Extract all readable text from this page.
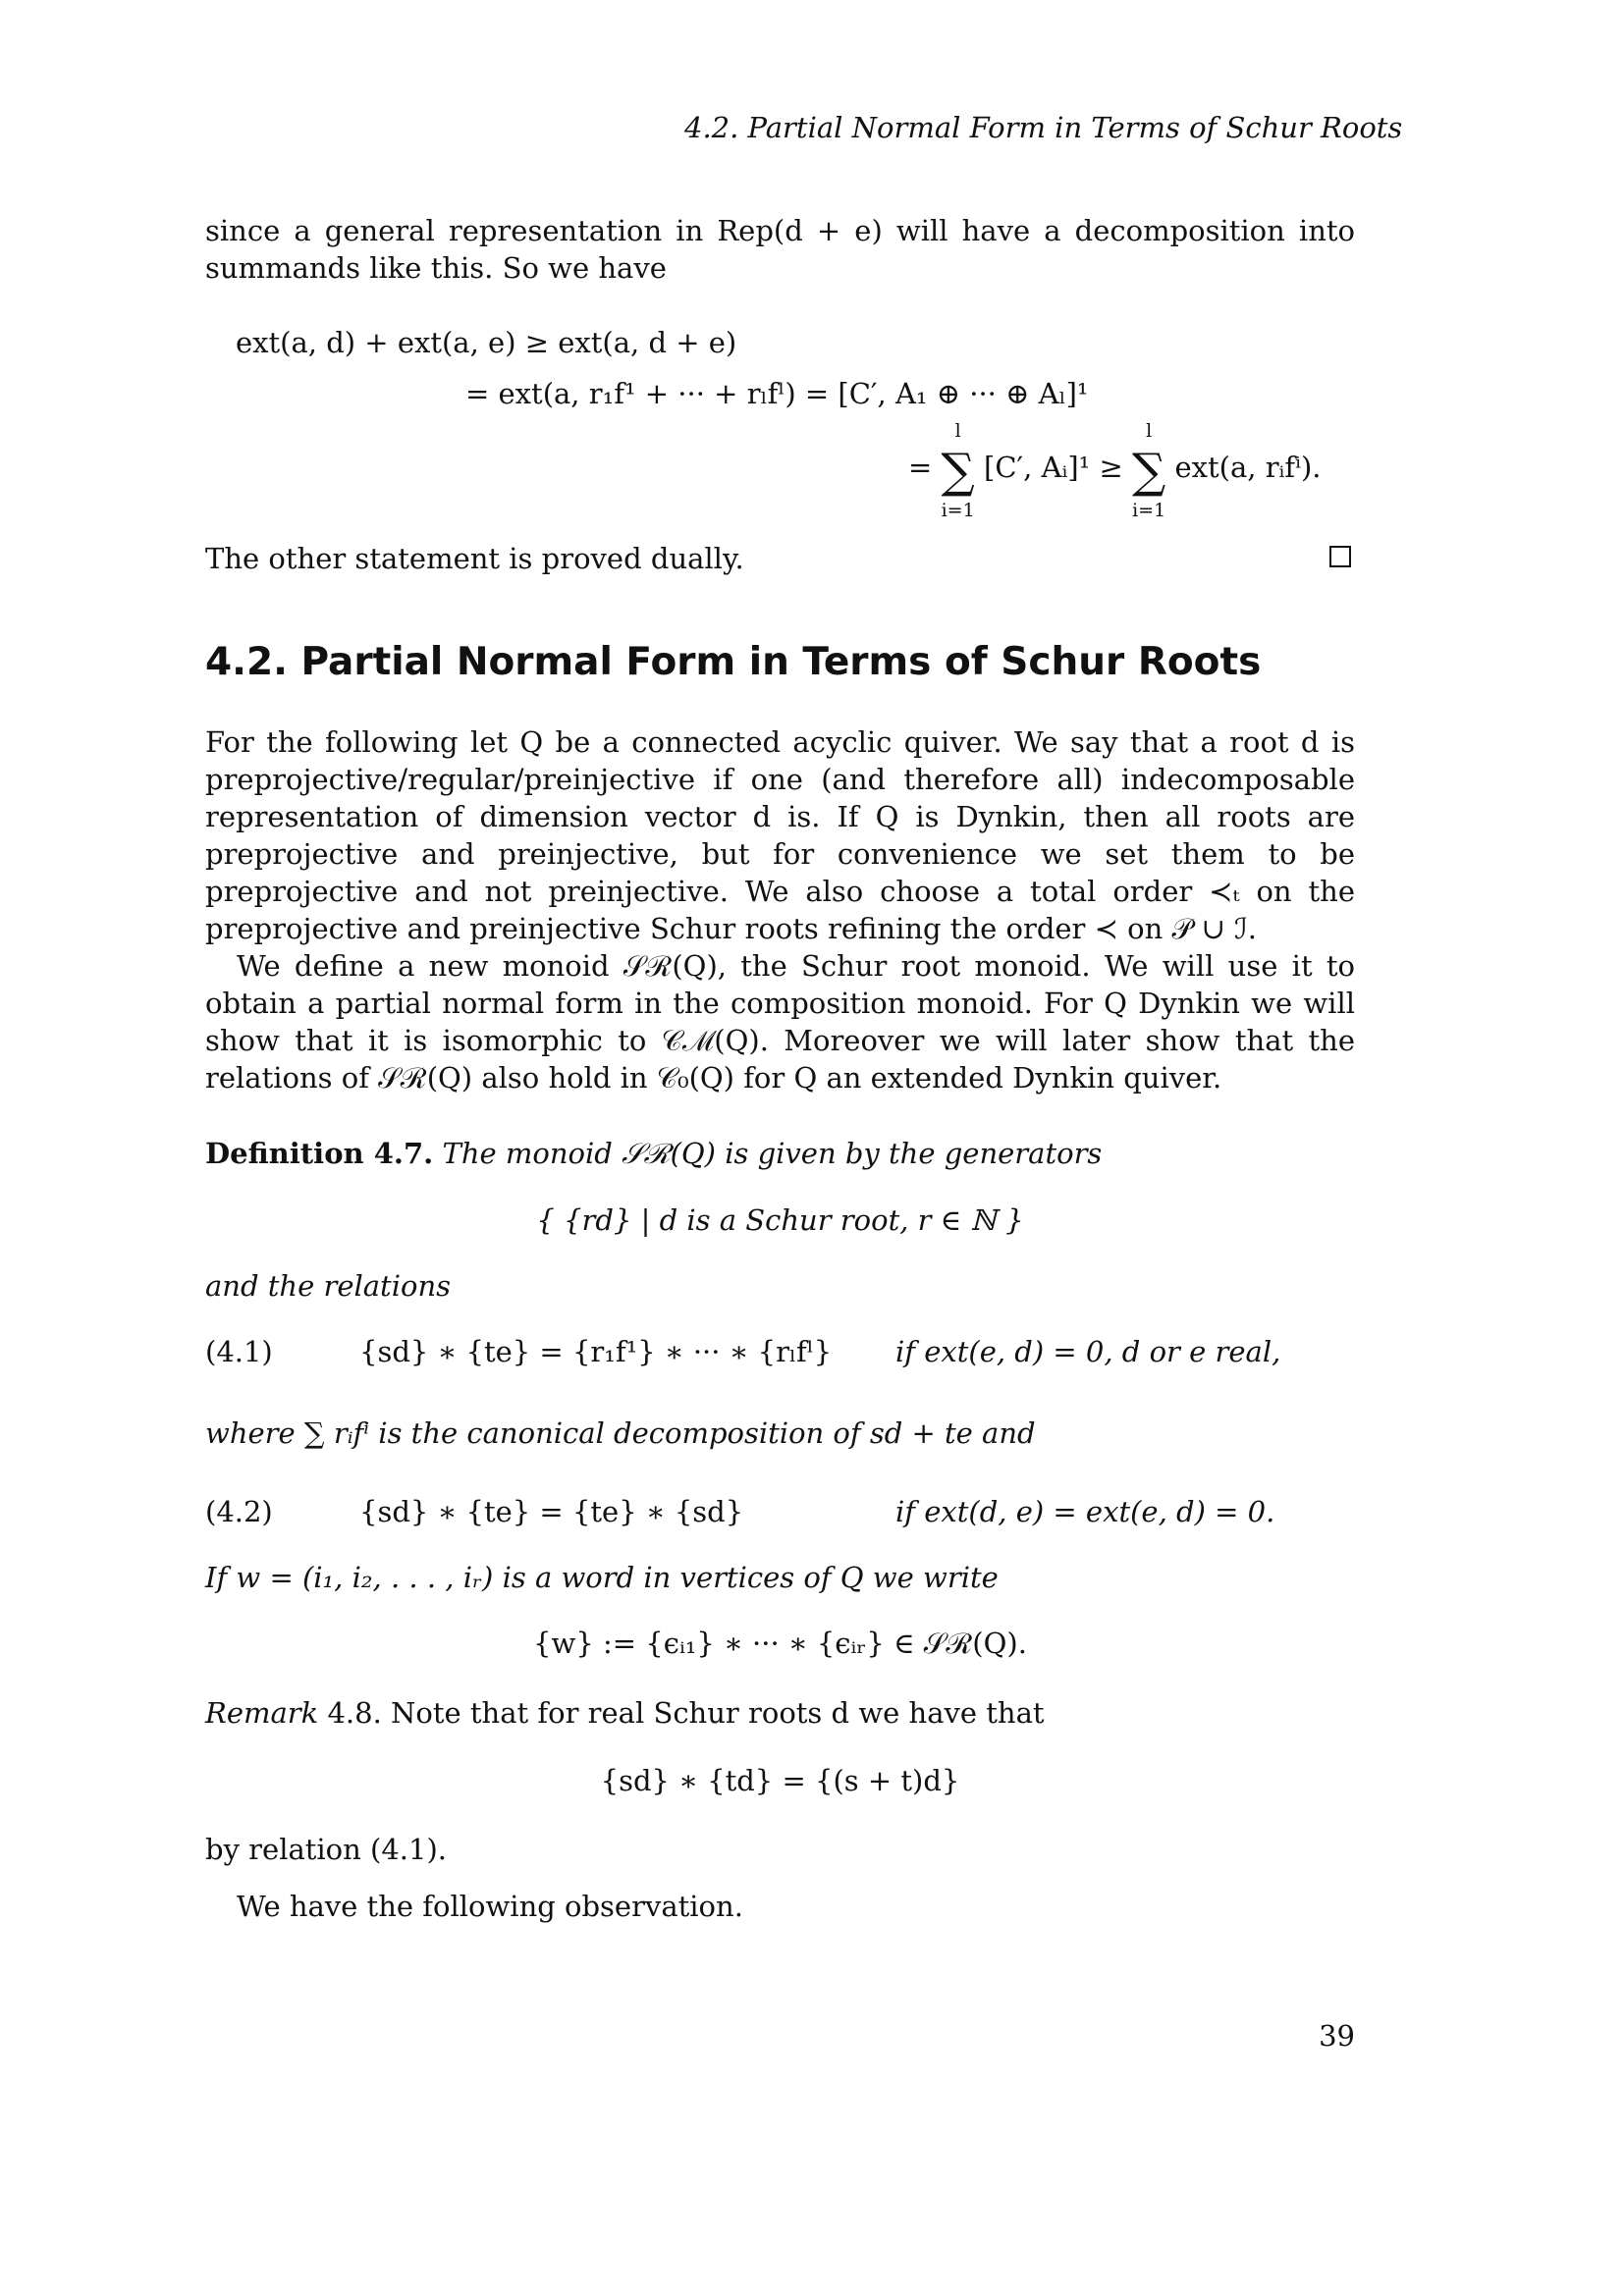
4.2. Partial Normal Form in Terms of Schur Roots

since a general representation in Rep(d + e) will have a decomposition into summands like this. So we have

ext(a, d) + ext(a, e) ≥ ext(a, d + e)
= ext(a, r₁f¹ + ··· + rₗfˡ) = [C′, A₁ ⊕ ··· ⊕ Aₗ]¹
= ∑
l
i=1
[C′, Aᵢ]¹ ≥ ∑
l
i=1
ext(a, rᵢfⁱ).

The other statement is proved dually.

4.2. Partial Normal Form in Terms of Schur Roots

For the following let Q be a connected acyclic quiver. We say that a root d is preprojective/regular/preinjective if one (and therefore all) indecomposable representation of dimension vector d is. If Q is Dynkin, then all roots are preprojective and preinjective, but for convenience we set them to be preprojective and not preinjective. We also choose a total order ≺ₜ on the preprojective and preinjective Schur roots refining the order ≺ on 𝒫 ∪ ℐ.

We define a new monoid 𝒮ℛ(Q), the Schur root monoid. We will use it to obtain a partial normal form in the composition monoid. For Q Dynkin we will show that it is isomorphic to 𝒞ℳ(Q). Moreover we will later show that the relations of 𝒮ℛ(Q) also hold in 𝒞₀(Q) for Q an extended Dynkin quiver.

Definition 4.7. The monoid 𝒮ℛ(Q) is given by the generators
{ {rd} | d is a Schur root, r ∈ ℕ }
and the relations
(4.1)	{sd} ∗ {te} = {r₁f¹} ∗ ··· ∗ {rₗfˡ} if ext(e, d) = 0, d or e real,
where ∑ rᵢfⁱ is the canonical decomposition of sd + te and
(4.2)	{sd} ∗ {te} = {te} ∗ {sd}	if ext(d, e) = ext(e, d) = 0.
If w = (i₁, i₂, . . . , iᵣ) is a word in vertices of Q we write
{w} := {ϵᵢ₁} ∗ ··· ∗ {ϵᵢᵣ} ∈ 𝒮ℛ(Q).
Remark 4.8. Note that for real Schur roots d we have that
{sd} ∗ {td} = {(s + t)d}
by relation (4.1).
We have the following observation.
39
